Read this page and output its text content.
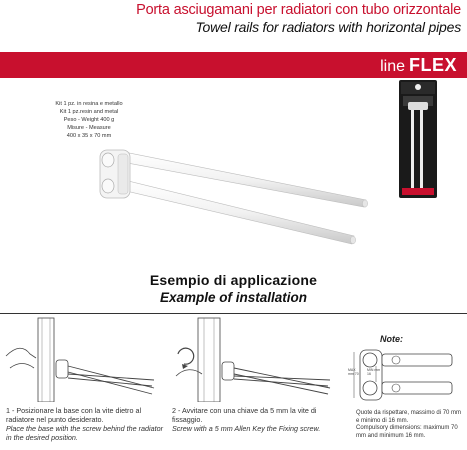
Porta asciugamani per radiatori con tubo orizzontale
Towel rails for radiators with horizontal pipes
line FLEX
Kit 1 pz. in resina e metallo
Kit 1 pz.resin and metal
Peso - Weight 400 g
Misure - Measure
400 x 35 x 70 mm
Esempio di applicazione
Example of installation
Note:
MAX mm 70
MIN mm 16
Quote da rispettare, massimo di 70 mm e minimo di 16 mm.
Compulsory dimensions: maximum 70 mm and minimum 16 mm.
1 - Posizionare la base con la vite dietro al radiatore nel punto desiderato.
Place the base with the screw behind the radiator in the desired position.
2 - Avvitare con una chiave da 5 mm la vite di fissaggio.
Screw with a 5 mm Allen Key the Fixing screw.
